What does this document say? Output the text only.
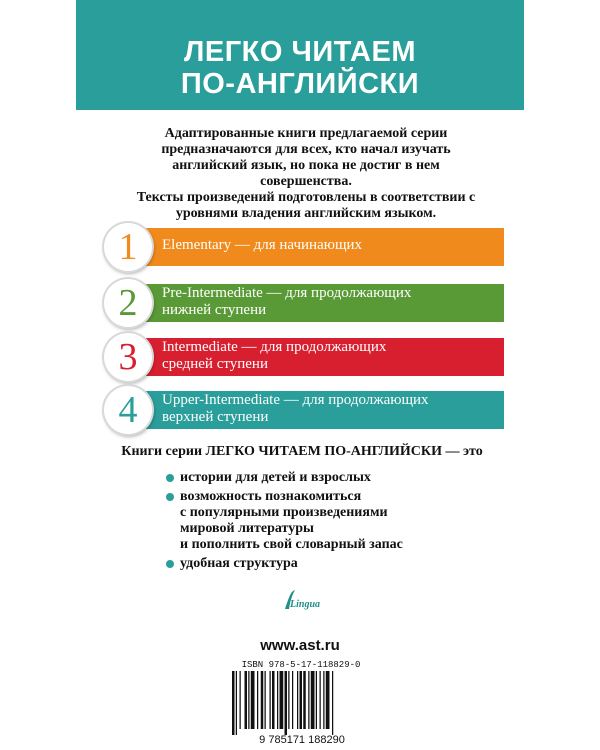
ЛЕГКО ЧИТАЕМ
ПО-АНГЛИЙСКИ
Адаптированные книги предлагаемой серии предназначаются для всех, кто начал изучать английский язык, но пока не достиг в нем совершенства.
Тексты произведений подготовлены в соответствии с уровнями владения английским языком.
1	Elementary — для начинающих
2	Pre-Intermediate — для продолжающих
нижней ступени
3	Intermediate — для продолжающих
средней ступени
4	Upper-Intermediate — для продолжающих
верхней ступени
Книги серии ЛЕГКО ЧИТАЕМ ПО-АНГЛИЙСКИ — это
истории для детей и взрослых
возможность познакомиться
с популярными произведениями
мировой литературы
и пополнить свой словарный запас
удобная структура
Lingua
www.ast.ru
ISBN 978-5-17-118829-0
9 785171 188290
